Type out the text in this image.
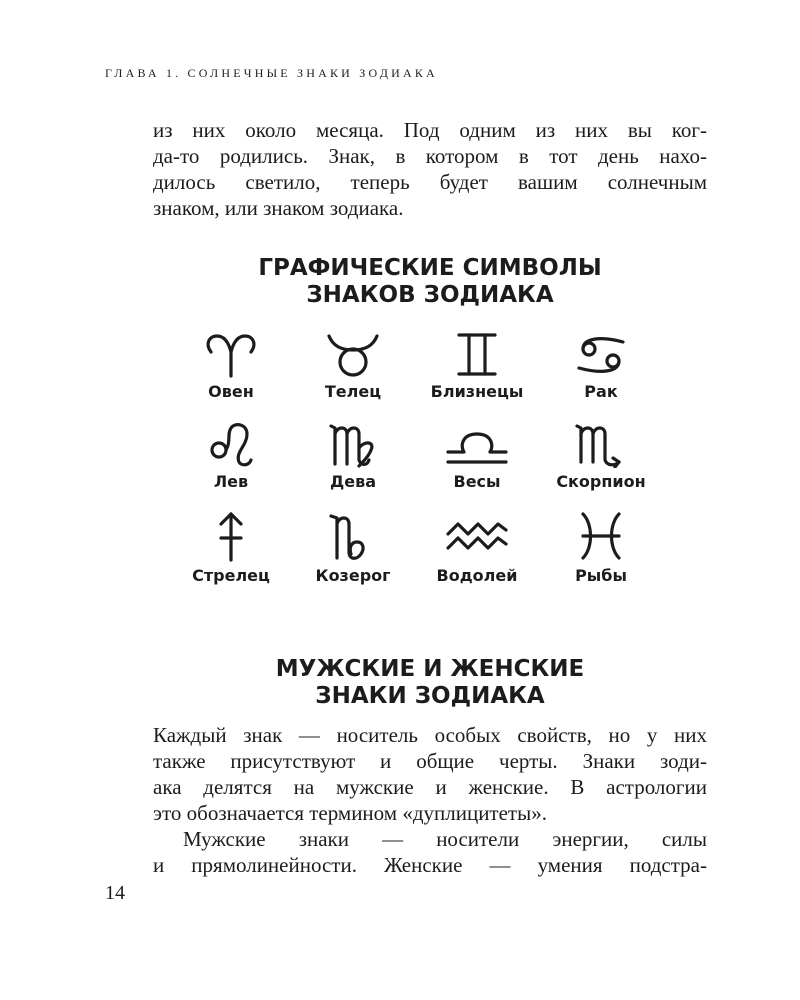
ГЛАВА 1. СОЛНЕЧНЫЕ ЗНАКИ ЗОДИАКА
из них около месяца. Под одним из них вы ког-
да-то родились. Знак, в котором в тот день нахо-
дилось светило, теперь будет вашим солнечным
знаком, или знаком зодиака.
ГРАФИЧЕСКИЕ СИМВОЛЫ
ЗНАКОВ ЗОДИАКА
Овен	Телец	Близнецы	Рак
Лев	Дева	Весы	Скорпион
Стрелец	Козерог	Водолей	Рыбы
МУЖСКИЕ И ЖЕНСКИЕ
ЗНАКИ ЗОДИАКА
Каждый знак — носитель особых свойств, но у них
также присутствуют и общие черты. Знаки зоди-
ака делятся на мужские и женские. В астрологии
это обозначается термином «дуплицитеты».
Мужские знаки — носители энергии, силы
и прямолинейности. Женские — умения подстра-
14
